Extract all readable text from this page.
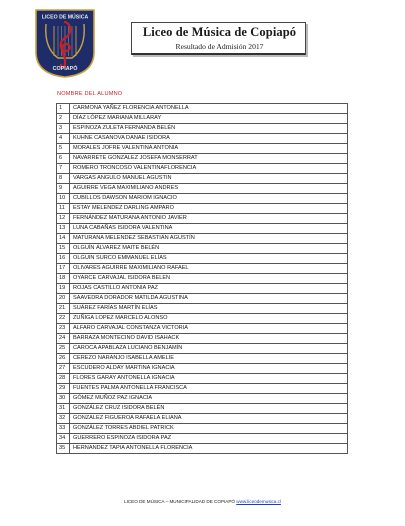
LICEO DE MÚSICA
COPIAPÓ
Liceo de Música de Copiapó
Resultado de Admisión 2017
NOMBRE DEL ALUMNO
1	CARMONA YAÑEZ FLORENCIA ANTONELLA
2	DÍAZ LÓPEZ MARIANA MILLARAY
3	ESPINOZA ZULETA FERNANDA BELÉN
4	KUHNE CASANOVA DANAE ISIDORA
5	MORALES JOFRE VALENTINA ANTONIA
6	NAVARRETE GONZALEZ JOSEFA MONSERRAT
7	ROMERO TRONCOSO VALENTINAFLORENCIA
8	VARGAS ANGULO MANUEL AGUSTIN
9	AGUIRRE VEGA MAXIMILIANO ANDRES
10	CUBILLOS DAWSON MARIOM IGNACIO
11	ESTAY MELENDEZ DARLING AMPARO
12	FERNÁNDEZ MATURANA ANTONIO JAVIER
13	LUNA CABAÑAS ISIDORA VALENTINA
14	MATURANA MELENDEZ SEBASTIÁN AGUSTÍN
15	OLGUÍN ÁLVAREZ MAITE BELÉN
16	OLGUIN SURCO EMMANUEL ELÍAS
17	OLIVARES AGUIRRE MAXIMILIANO RAFAEL
18	OYARCE CARVAJAL ISIDORA BELEN
19	ROJAS CASTILLO ANTONIA PAZ
20	SAAVEDRA DORADOR MATILDA AGUSTINA
21	SUÁREZ FARÍAS MARTÍN ELÍAS
22	ZUÑIGA LOPEZ MARCELO ALONSO
23	ALFARO CARVAJAL CONSTANZA VICTORIA
24	BARRAZA MONTECINO DAVID ISAHACK
25	CAROCA APABLAZA LUCIANO BENJAMÍN
26	CEREZO NARANJO ISABELLA AMELIE
27	ESCUDERO ALDAY MARTINA IGNACIA
28	FLORES GARAY ANTONELLA IGNACIA
29	FUENTES PALMA ANTONELLA FRANCISCA
30	GÓMEZ MUÑOZ PAZ IGNACIA
31	GONZÁLEZ CRUZ ISIDORA BELÉN
32	GONZALEZ FIGUEROA RAFAELA ELIANA
33	GONZÁLEZ TORRES ABDIEL PATRICK
34	GUERRERO ESPINOZA ISIDORA PAZ
35	HERNANDEZ TAPIA ANTONELLA FLORENCIA
LICEO DE MÚSICA – MUNICIPALIDAD DE COPIAPÓ www.liceodemusica.cl
